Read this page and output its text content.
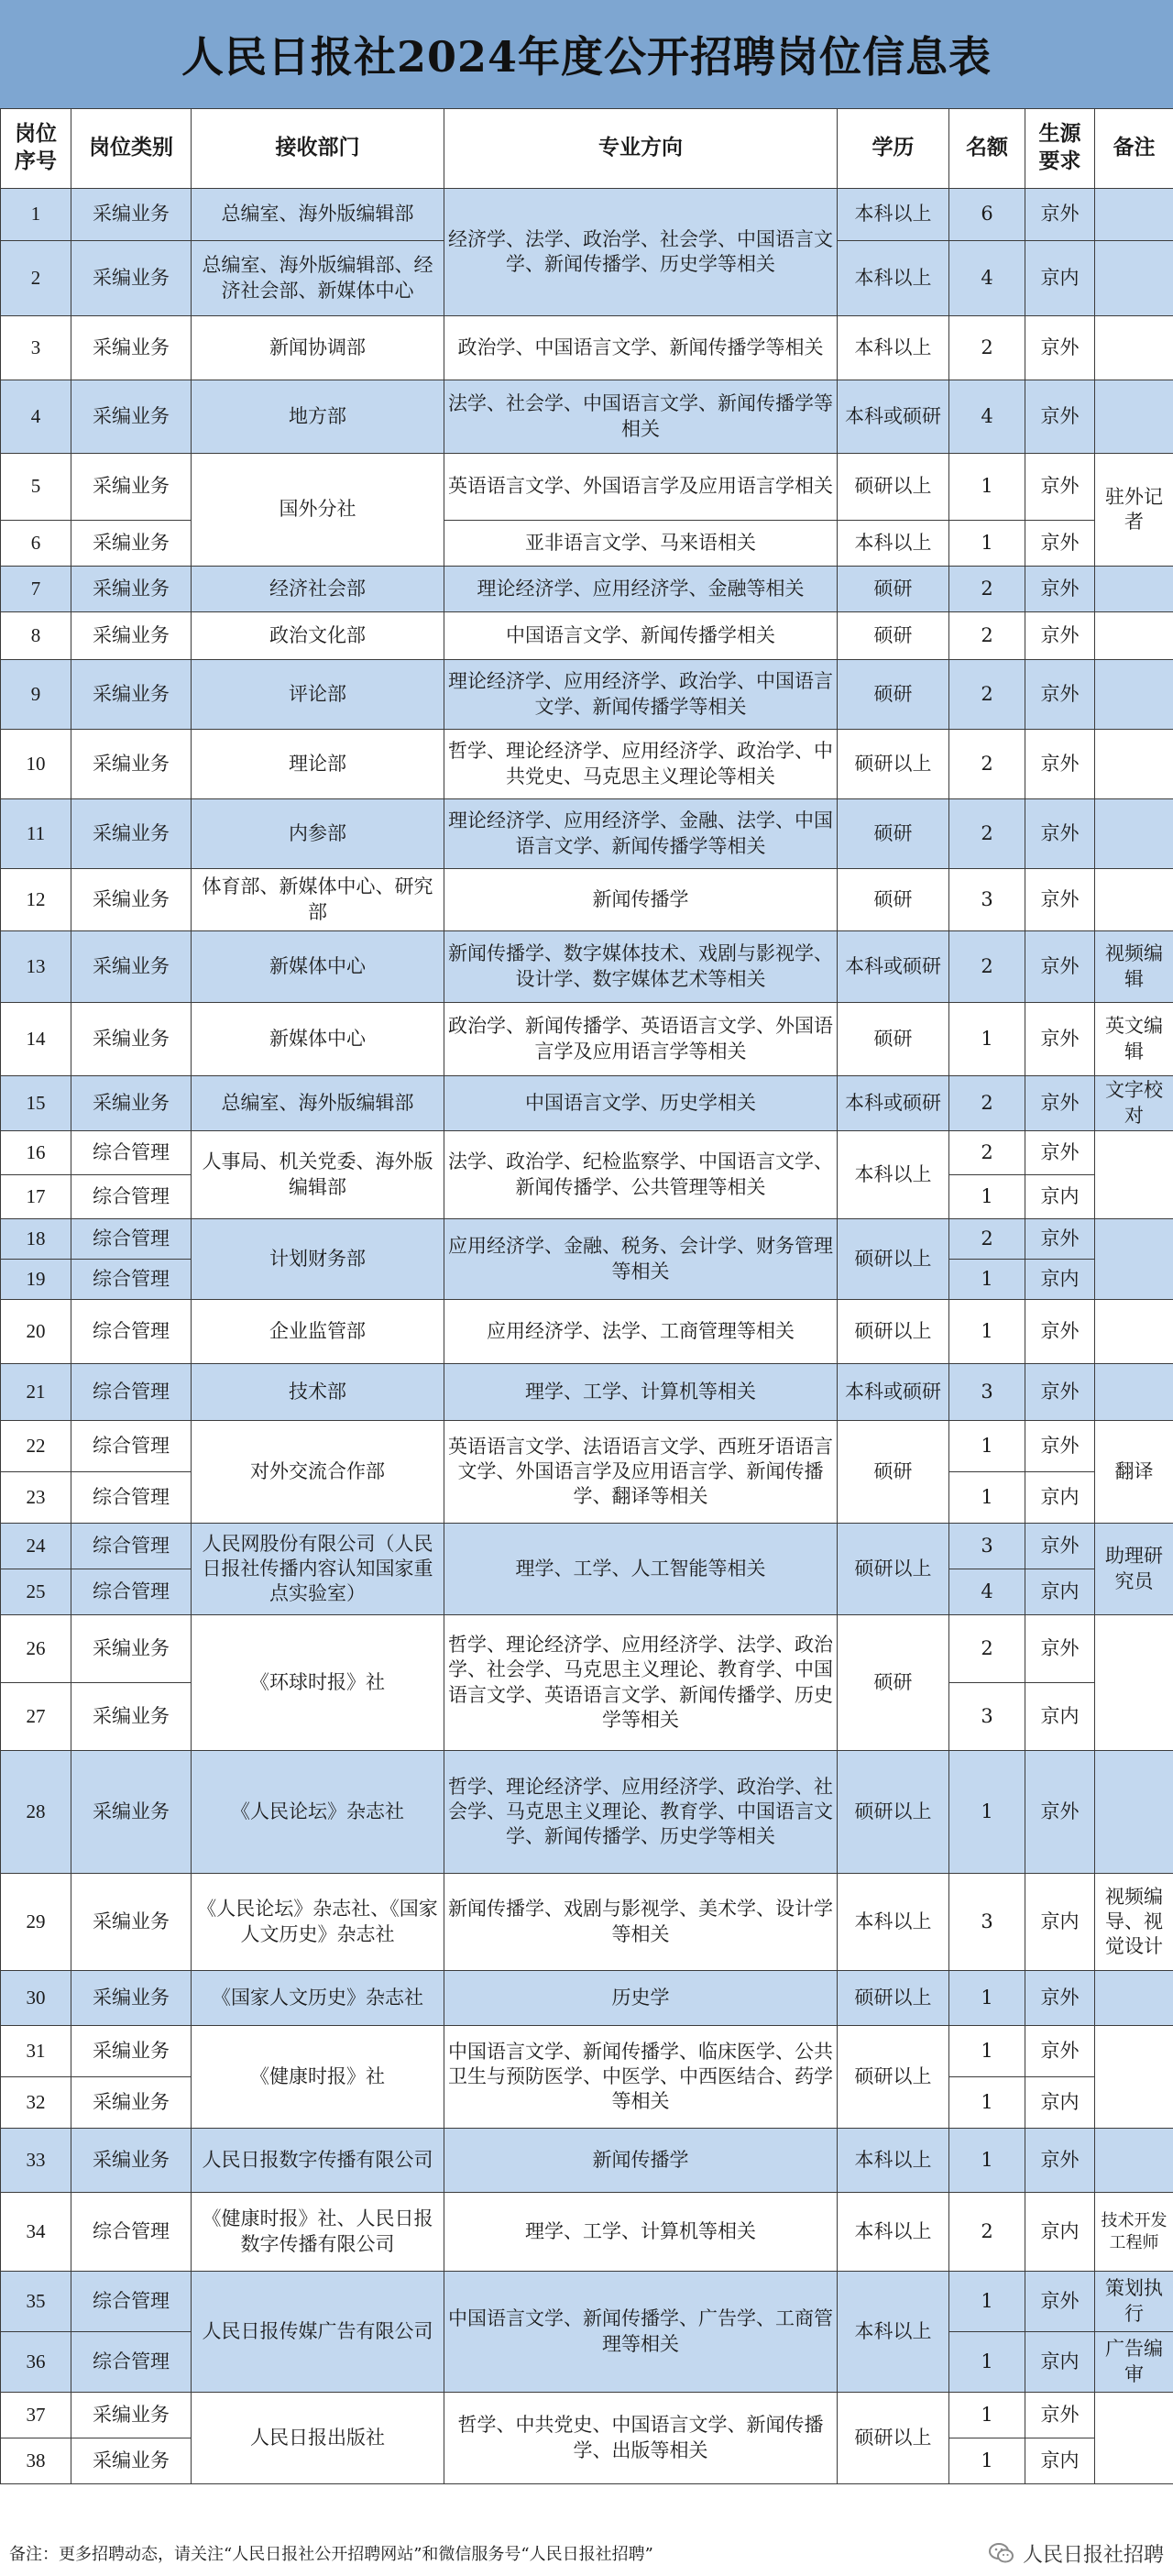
人民日报社2024年度公开招聘岗位信息表
岗位序号	岗位类别	接收部门	专业方向	学历	名额	生源要求	备注
1	采编业务	总编室、海外版编辑部	经济学、法学、政治学、社会学、中国语言文学、新闻传播学、历史学等相关	本科以上	6	京外	
2	采编业务	总编室、海外版编辑部、经济社会部、新媒体中心		本科以上	4	京内	
3	采编业务	新闻协调部	政治学、中国语言文学、新闻传播学等相关	本科以上	2	京外	
4	采编业务	地方部	法学、社会学、中国语言文学、新闻传播学等相关	本科或硕研	4	京外	
5	采编业务	国外分社	英语语言文学、外国语言学及应用语言学相关	硕研以上	1	京外	驻外记者
6	采编业务		亚非语言文学、马来语相关	本科以上	1	京外	
7	采编业务	经济社会部	理论经济学、应用经济学、金融等相关	硕研	2	京外	
8	采编业务	政治文化部	中国语言文学、新闻传播学相关	硕研	2	京外	
9	采编业务	评论部	理论经济学、应用经济学、政治学、中国语言文学、新闻传播学等相关	硕研	2	京外	
10	采编业务	理论部	哲学、理论经济学、应用经济学、政治学、中共党史、马克思主义理论等相关	硕研以上	2	京外	
11	采编业务	内参部	理论经济学、应用经济学、金融、法学、中国语言文学、新闻传播学等相关	硕研	2	京外	
12	采编业务	体育部、新媒体中心、研究部	新闻传播学	硕研	3	京外	
13	采编业务	新媒体中心	新闻传播学、数字媒体技术、戏剧与影视学、设计学、数字媒体艺术等相关	本科或硕研	2	京外	视频编辑
14	采编业务	新媒体中心	政治学、新闻传播学、英语语言文学、外国语言学及应用语言学等相关	硕研	1	京外	英文编辑
15	采编业务	总编室、海外版编辑部	中国语言文学、历史学相关	本科或硕研	2	京外	文字校对
16	综合管理	人事局、机关党委、海外版编辑部	法学、政治学、纪检监察学、中国语言文学、新闻传播学、公共管理等相关	本科以上	2	京外	
17	综合管理				1	京内	
18	综合管理	计划财务部	应用经济学、金融、税务、会计学、财务管理等相关	硕研以上	2	京外	
19	综合管理				1	京内	
20	综合管理	企业监管部	应用经济学、法学、工商管理等相关	硕研以上	1	京外	
21	综合管理	技术部	理学、工学、计算机等相关	本科或硕研	3	京外	
22	综合管理	对外交流合作部	英语语言文学、法语语言文学、西班牙语语言文学、外国语言学及应用语言学、新闻传播学、翻译等相关	硕研	1	京外	翻译
23	综合管理				1	京内	
24	综合管理	人民网股份有限公司（人民日报社传播内容认知国家重点实验室）	理学、工学、人工智能等相关	硕研以上	3	京外	助理研究员
25	综合管理				4	京内	
26	采编业务	《环球时报》社	哲学、理论经济学、应用经济学、法学、政治学、社会学、马克思主义理论、教育学、中国语言文学、英语语言文学、新闻传播学、历史学等相关	硕研	2	京外	
27	采编业务				3	京内	
28	采编业务	《人民论坛》杂志社	哲学、理论经济学、应用经济学、政治学、社会学、马克思主义理论、教育学、中国语言文学、新闻传播学、历史学等相关	硕研以上	1	京外	
29	采编业务	《人民论坛》杂志社、《国家人文历史》杂志社	新闻传播学、戏剧与影视学、美术学、设计学等相关	本科以上	3	京内	视频编导、视觉设计
30	采编业务	《国家人文历史》杂志社	历史学	硕研以上	1	京外	
31	采编业务	《健康时报》社	中国语言文学、新闻传播学、临床医学、公共卫生与预防医学、中医学、中西医结合、药学等相关	硕研以上	1	京外	
32	采编业务				1	京内	
33	采编业务	人民日报数字传播有限公司	新闻传播学	本科以上	1	京外	
34	综合管理	《健康时报》社、人民日报数字传播有限公司	理学、工学、计算机等相关	本科以上	2	京内	技术开发工程师
35	综合管理	人民日报传媒广告有限公司	中国语言文学、新闻传播学、广告学、工商管理等相关	本科以上	1	京外	策划执行
36	综合管理				1	京内	广告编审
37	采编业务	人民日报出版社	哲学、中共党史、中国语言文学、新闻传播学、出版等相关	硕研以上	1	京外	
38	采编业务				1	京内	
备注：更多招聘动态，请关注“人民日报社公开招聘网站”和微信服务号“人民日报社招聘”	人民日报社招聘
